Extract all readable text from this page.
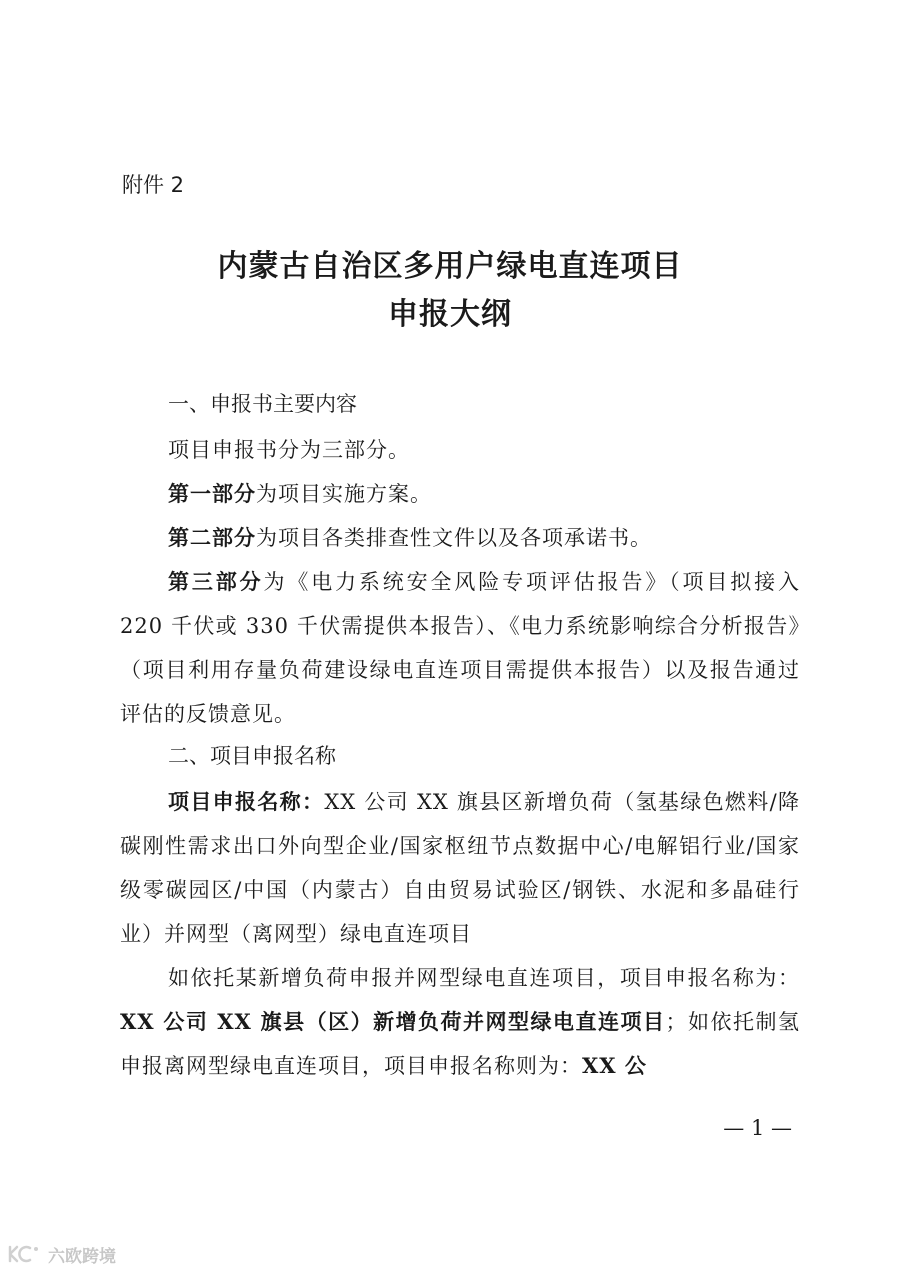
附件 2

内蒙古自治区多用户绿电直连项目
申报大纲
一、申报书主要内容

项目申报书分为三部分。

第一部分为项目实施方案。

第二部分为项目各类排查性文件以及各项承诺书。

第三部分为《电力系统安全风险专项评估报告》（项目拟接入 220 千伏或 330 千伏需提供本报告）、《电力系统影响综合分析报告》（项目利用存量负荷建设绿电直连项目需提供本报告）以及报告通过评估的反馈意见。

二、项目申报名称

项目申报名称：XX 公司 XX 旗县区新增负荷（氢基绿色燃料/降碳刚性需求出口外向型企业/国家枢纽节点数据中心/电解铝行业/国家级零碳园区/中国（内蒙古）自由贸易试验区/钢铁、水泥和多晶硅行业）并网型（离网型）绿电直连项目

如依托某新增负荷申报并网型绿电直连项目，项目申报名称为：XX 公司 XX 旗县（区）新增负荷并网型绿电直连项目；如依托制氢申报离网型绿电直连项目，项目申报名称则为：XX 公

— 1 —

六欧跨境
